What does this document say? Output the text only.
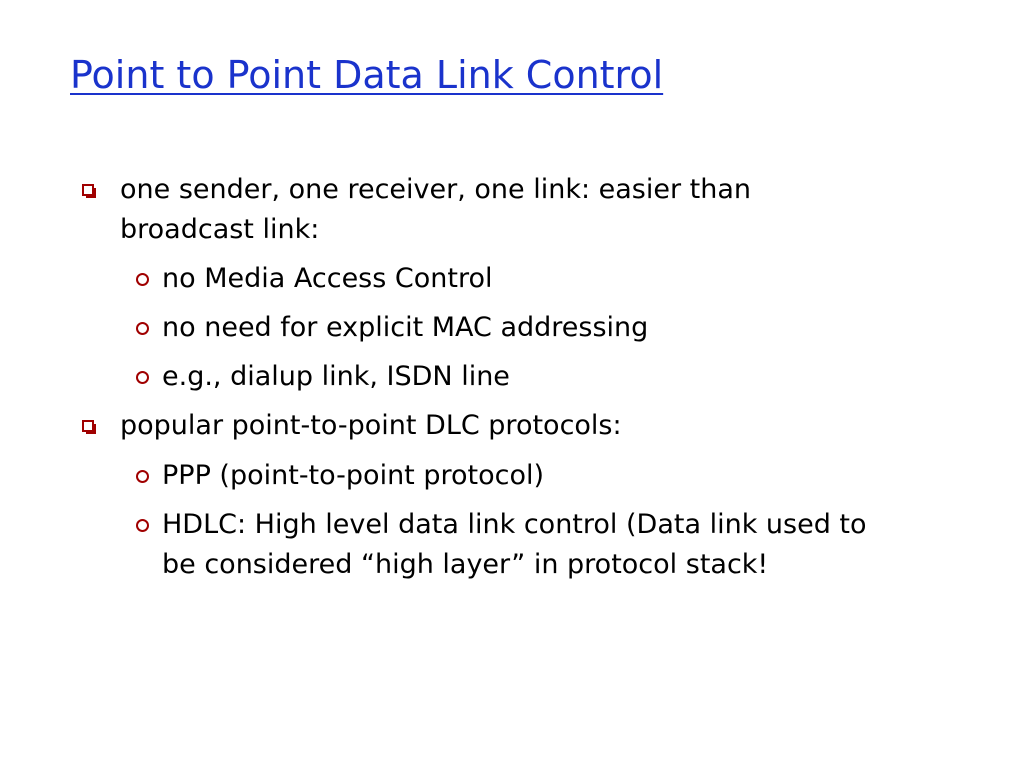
Point to Point Data Link Control
one sender, one receiver, one link: easier than broadcast link:
no Media Access Control
no need for explicit MAC addressing
e.g., dialup link, ISDN line
popular point-to-point DLC protocols:
PPP (point-to-point protocol)
HDLC: High level data link control (Data link used to be considered “high layer” in protocol stack!
